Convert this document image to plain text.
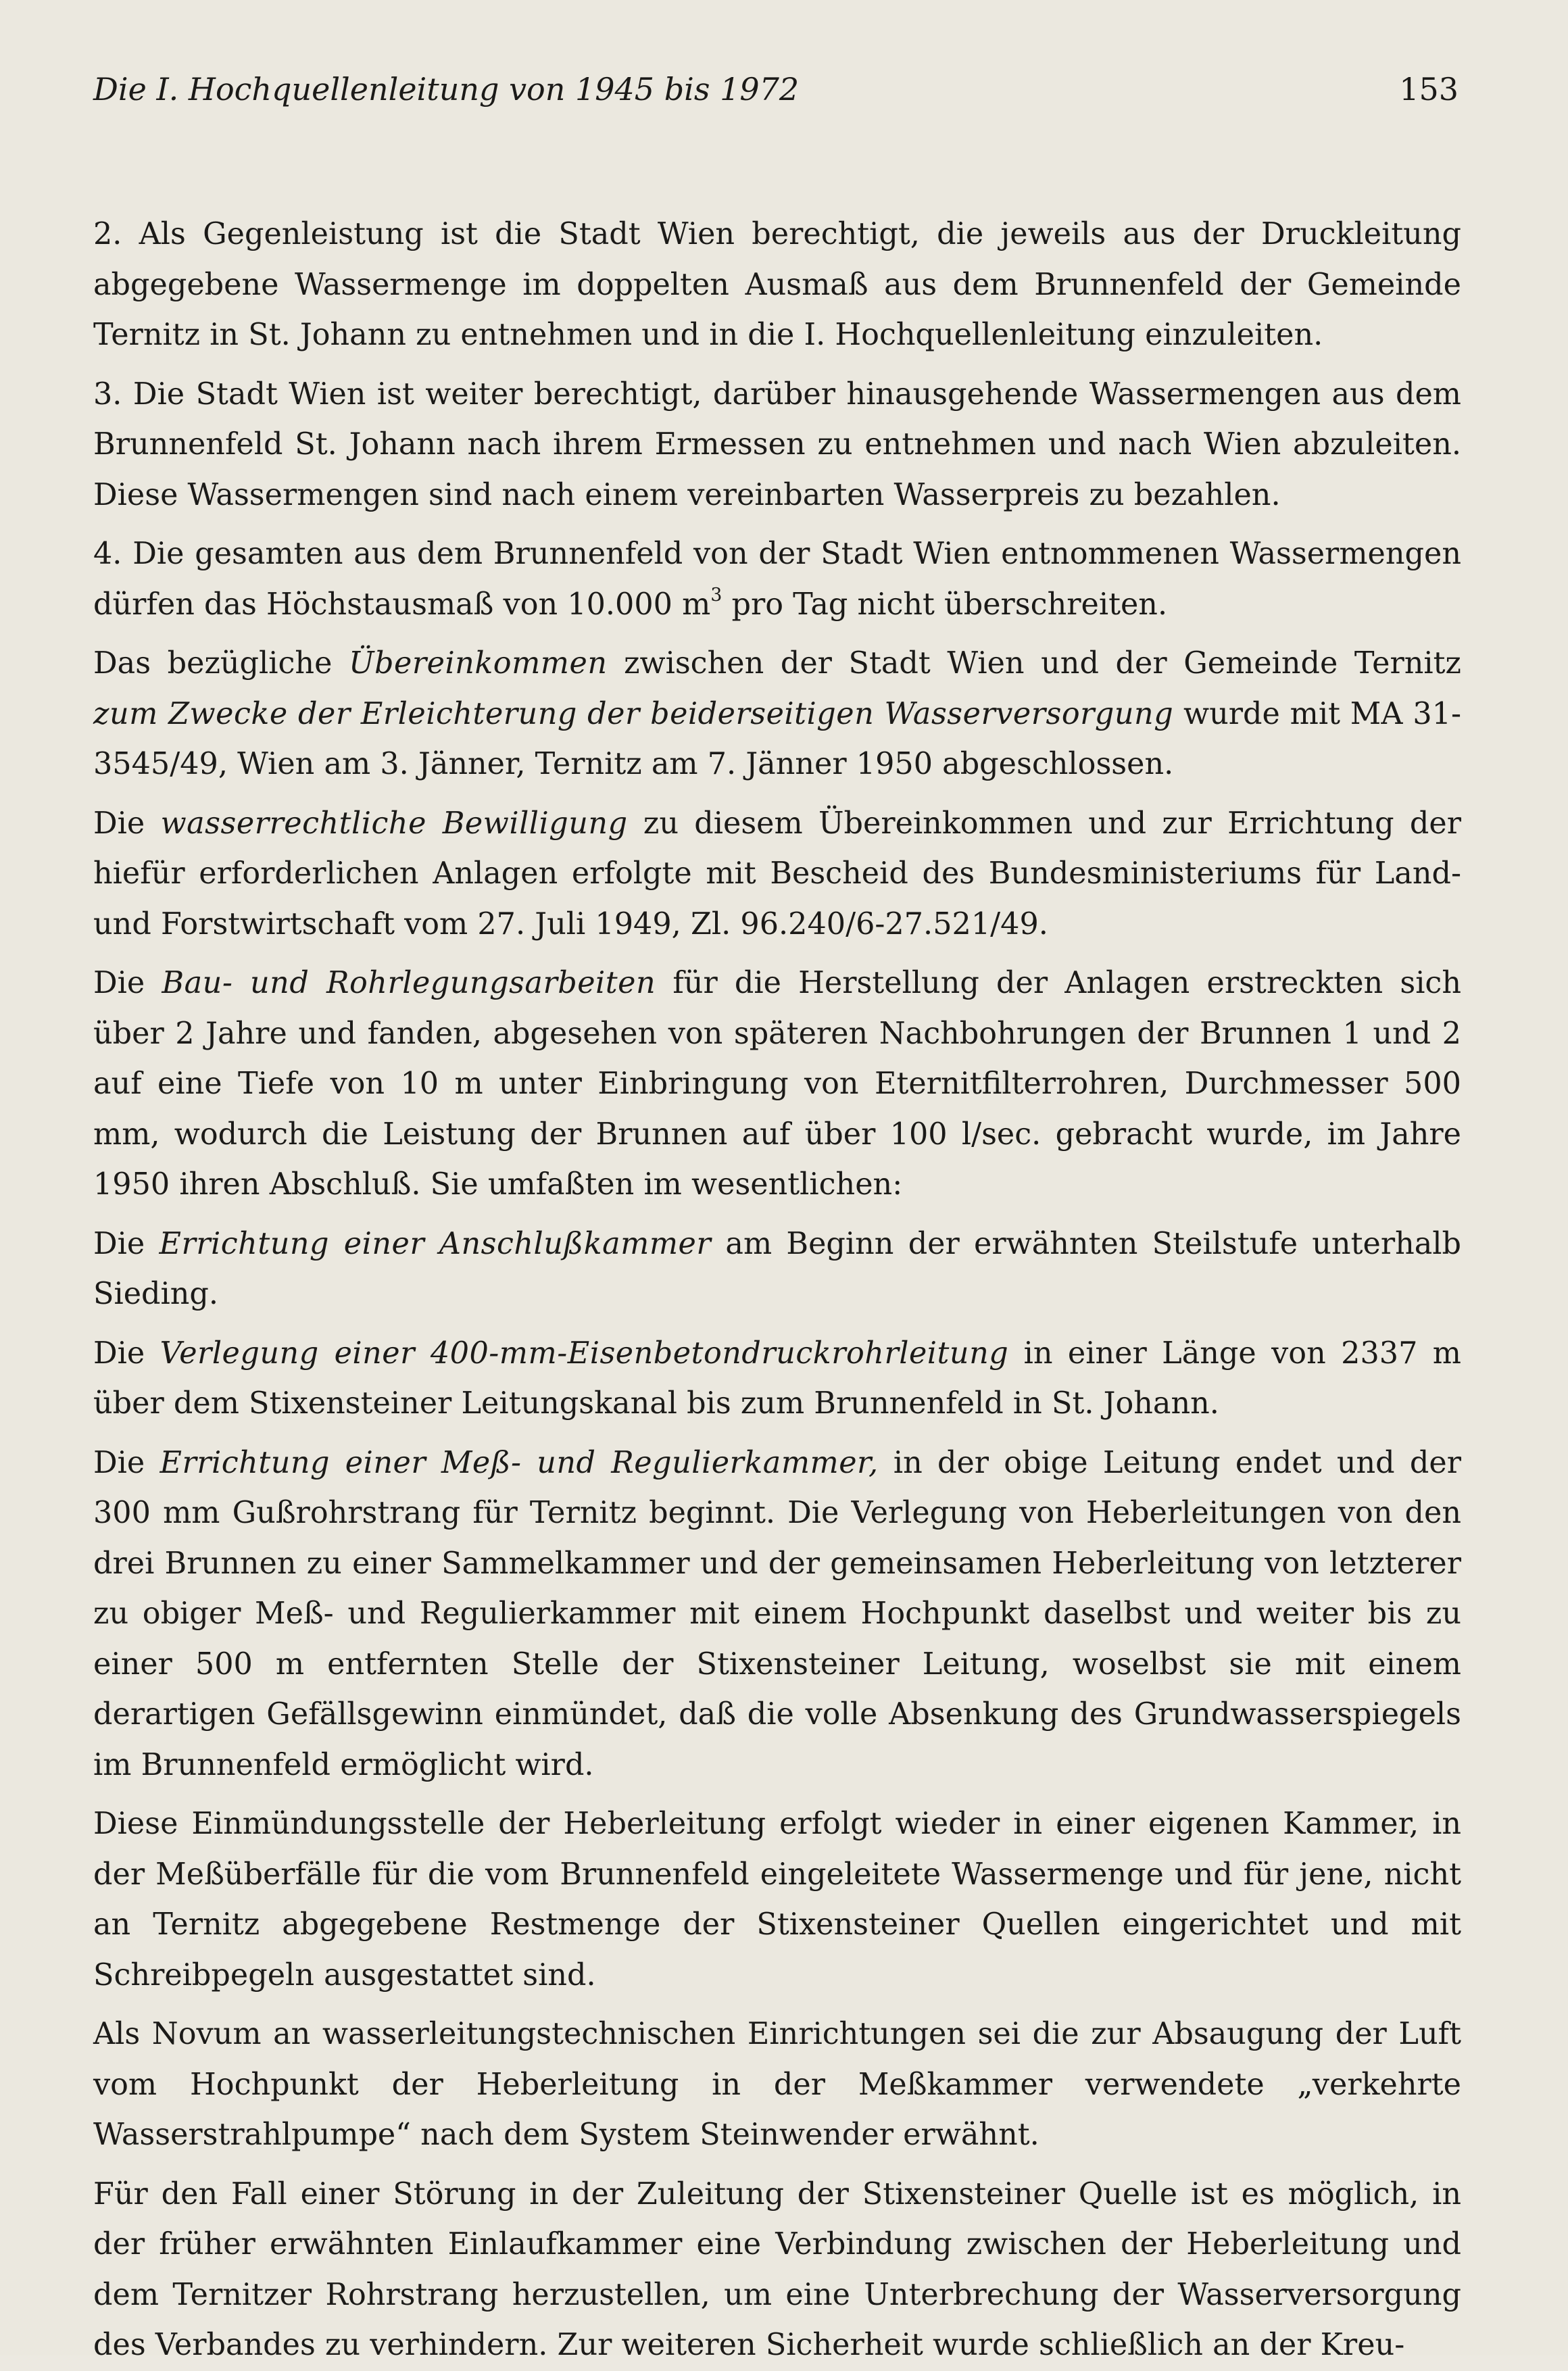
Die I. Hochquellenleitung von 1945 bis 1972	153

2. Als Gegenleistung ist die Stadt Wien berechtigt, die jeweils aus der Druckleitung abgegebene Wassermenge im doppelten Ausmaß aus dem Brunnenfeld der Gemeinde Ternitz in St. Johann zu entnehmen und in die I. Hochquellenleitung einzuleiten.

3. Die Stadt Wien ist weiter berechtigt, darüber hinausgehende Wassermengen aus dem Brunnenfeld St. Johann nach ihrem Ermessen zu entnehmen und nach Wien abzuleiten. Diese Wassermengen sind nach einem vereinbarten Wasserpreis zu bezahlen.

4. Die gesamten aus dem Brunnenfeld von der Stadt Wien entnommenen Wassermengen dürfen das Höchstausmaß von 10.000 $m^3$ pro Tag nicht überschreiten.

Das bezügliche Übereinkommen zwischen der Stadt Wien und der Gemeinde Ternitz zum Zwecke der Erleichterung der beiderseitigen Wasserversorgung wurde mit MA 31-3545/49, Wien am 3. Jänner, Ternitz am 7. Jänner 1950 abgeschlossen.

Die wasserrechtliche Bewilligung zu diesem Übereinkommen und zur Errichtung der hiefür erforderlichen Anlagen erfolgte mit Bescheid des Bundesministeriums für Land- und Forstwirtschaft vom 27. Juli 1949, Zl. 96.240/6-27.521/49.

Die Bau- und Rohrlegungsarbeiten für die Herstellung der Anlagen erstreckten sich über 2 Jahre und fanden, abgesehen von späteren Nachbohrungen der Brunnen 1 und 2 auf eine Tiefe von 10 m unter Einbringung von Eternitfilterrohren, Durchmesser 500 mm, wodurch die Leistung der Brunnen auf über 100 l/sec. gebracht wurde, im Jahre 1950 ihren Abschluß. Sie umfaßten im wesentlichen:

Die Errichtung einer Anschlußkammer am Beginn der erwähnten Steilstufe unterhalb Sieding.

Die Verlegung einer 400-mm-Eisenbetondruckrohrleitung in einer Länge von 2337 m über dem Stixensteiner Leitungskanal bis zum Brunnenfeld in St. Johann.

Die Errichtung einer Meß- und Regulierkammer, in der obige Leitung endet und der 300 mm Gußrohrstrang für Ternitz beginnt. Die Verlegung von Heberleitungen von den drei Brunnen zu einer Sammelkammer und der gemeinsamen Heberleitung von letzterer zu obiger Meß- und Regulierkammer mit einem Hochpunkt daselbst und weiter bis zu einer 500 m entfernten Stelle der Stixensteiner Leitung, woselbst sie mit einem derartigen Gefällsgewinn einmündet, daß die volle Absenkung des Grundwasserspiegels im Brunnenfeld ermöglicht wird.

Diese Einmündungsstelle der Heberleitung erfolgt wieder in einer eigenen Kammer, in der Meßüberfälle für die vom Brunnenfeld eingeleitete Wassermenge und für jene, nicht an Ternitz abgegebene Restmenge der Stixensteiner Quellen eingerichtet und mit Schreibpegeln ausgestattet sind.

Als Novum an wasserleitungstechnischen Einrichtungen sei die zur Absaugung der Luft vom Hochpunkt der Heberleitung in der Meßkammer verwendete „verkehrte Wasserstrahlpumpe“ nach dem System Steinwender erwähnt.

Für den Fall einer Störung in der Zuleitung der Stixensteiner Quelle ist es möglich, in der früher erwähnten Einlaufkammer eine Verbindung zwischen der Heberleitung und dem Ternitzer Rohrstrang herzustellen, um eine Unterbrechung der Wasserversorgung des Verbandes zu verhindern. Zur weiteren Sicherheit wurde schließlich an der Kreu-
